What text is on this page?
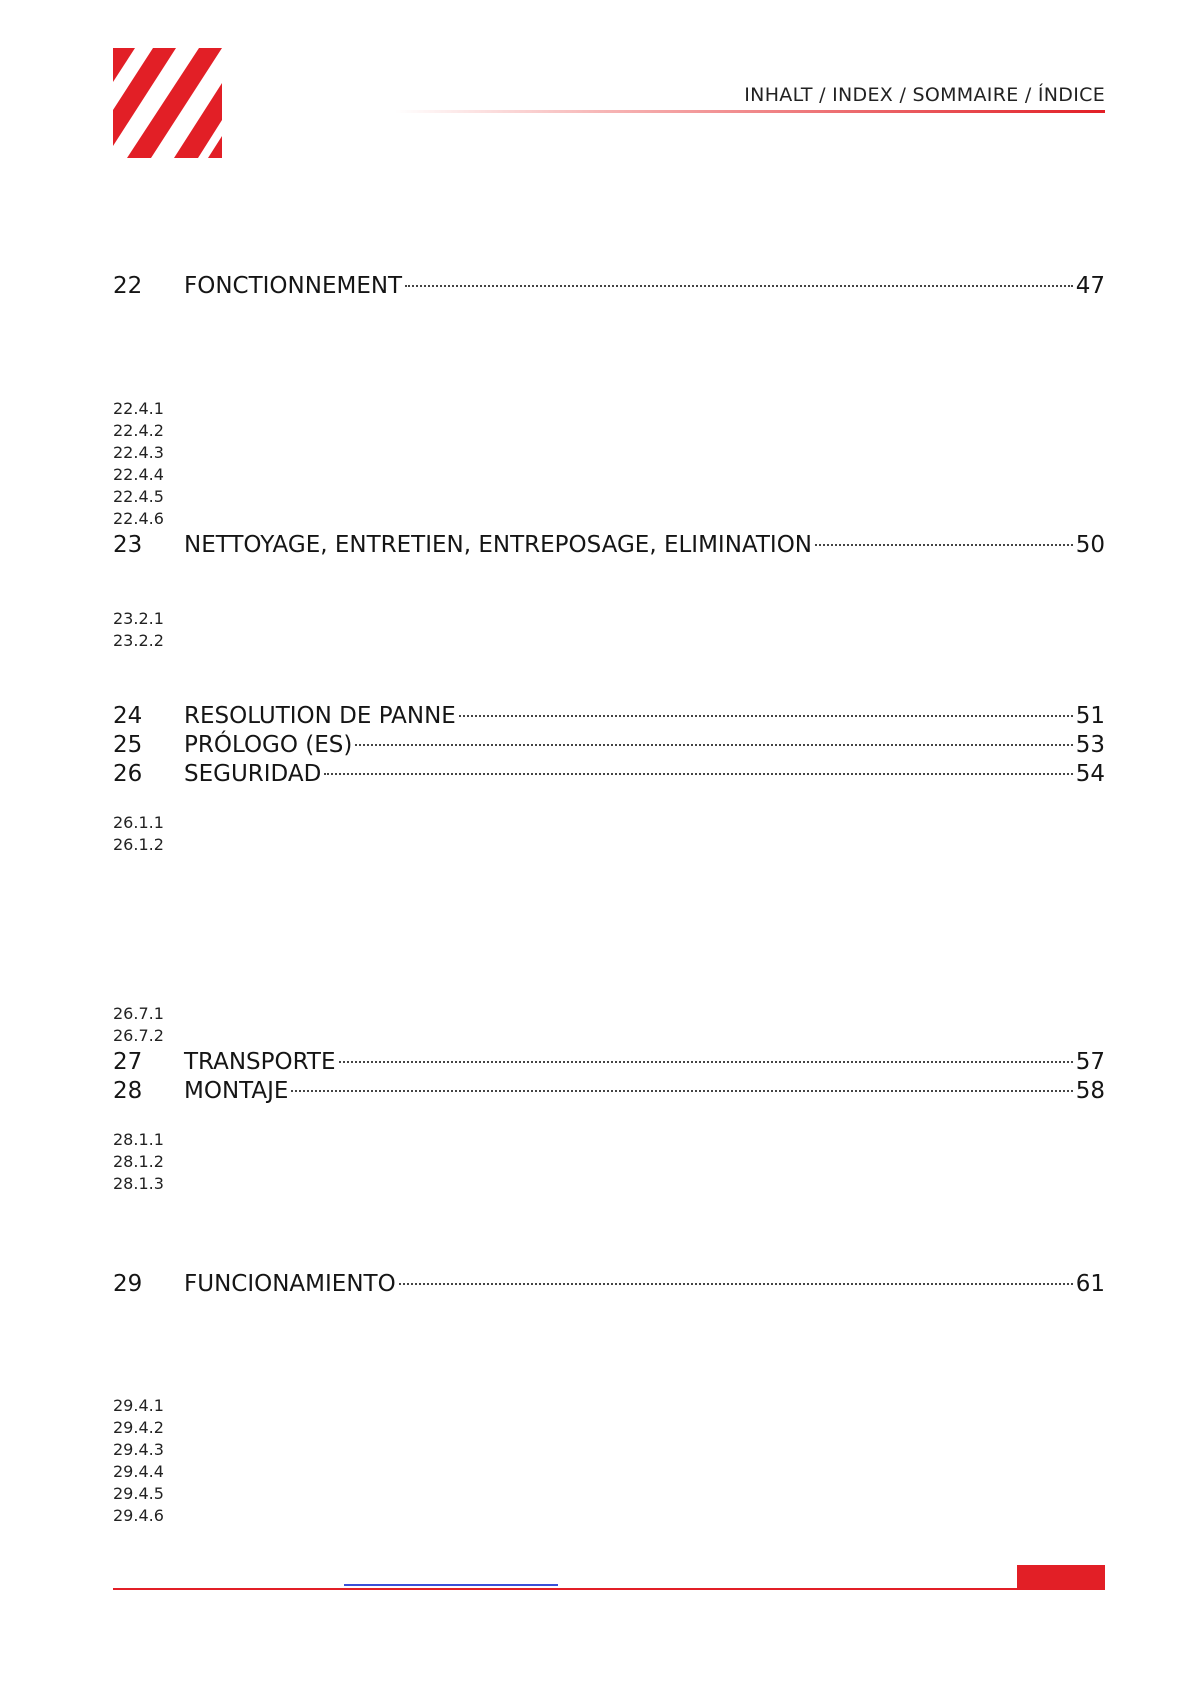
INHALT / INDEX / SOMMAIRE / ÍNDICE
22	FONCTIONNEMENT	47
22.4.1
22.4.2
22.4.3
22.4.4
22.4.5
22.4.6
23	NETTOYAGE, ENTRETIEN, ENTREPOSAGE, ELIMINATION	50
23.2.1
23.2.2
24	RESOLUTION DE PANNE	51
25	PRÓLOGO (ES)	53
26	SEGURIDAD	54
26.1.1
26.1.2
26.7.1
26.7.2
27	TRANSPORTE	57
28	MONTAJE	58
28.1.1
28.1.2
28.1.3
29	FUNCIONAMIENTO	61
29.4.1
29.4.2
29.4.3
29.4.4
29.4.5
29.4.6
